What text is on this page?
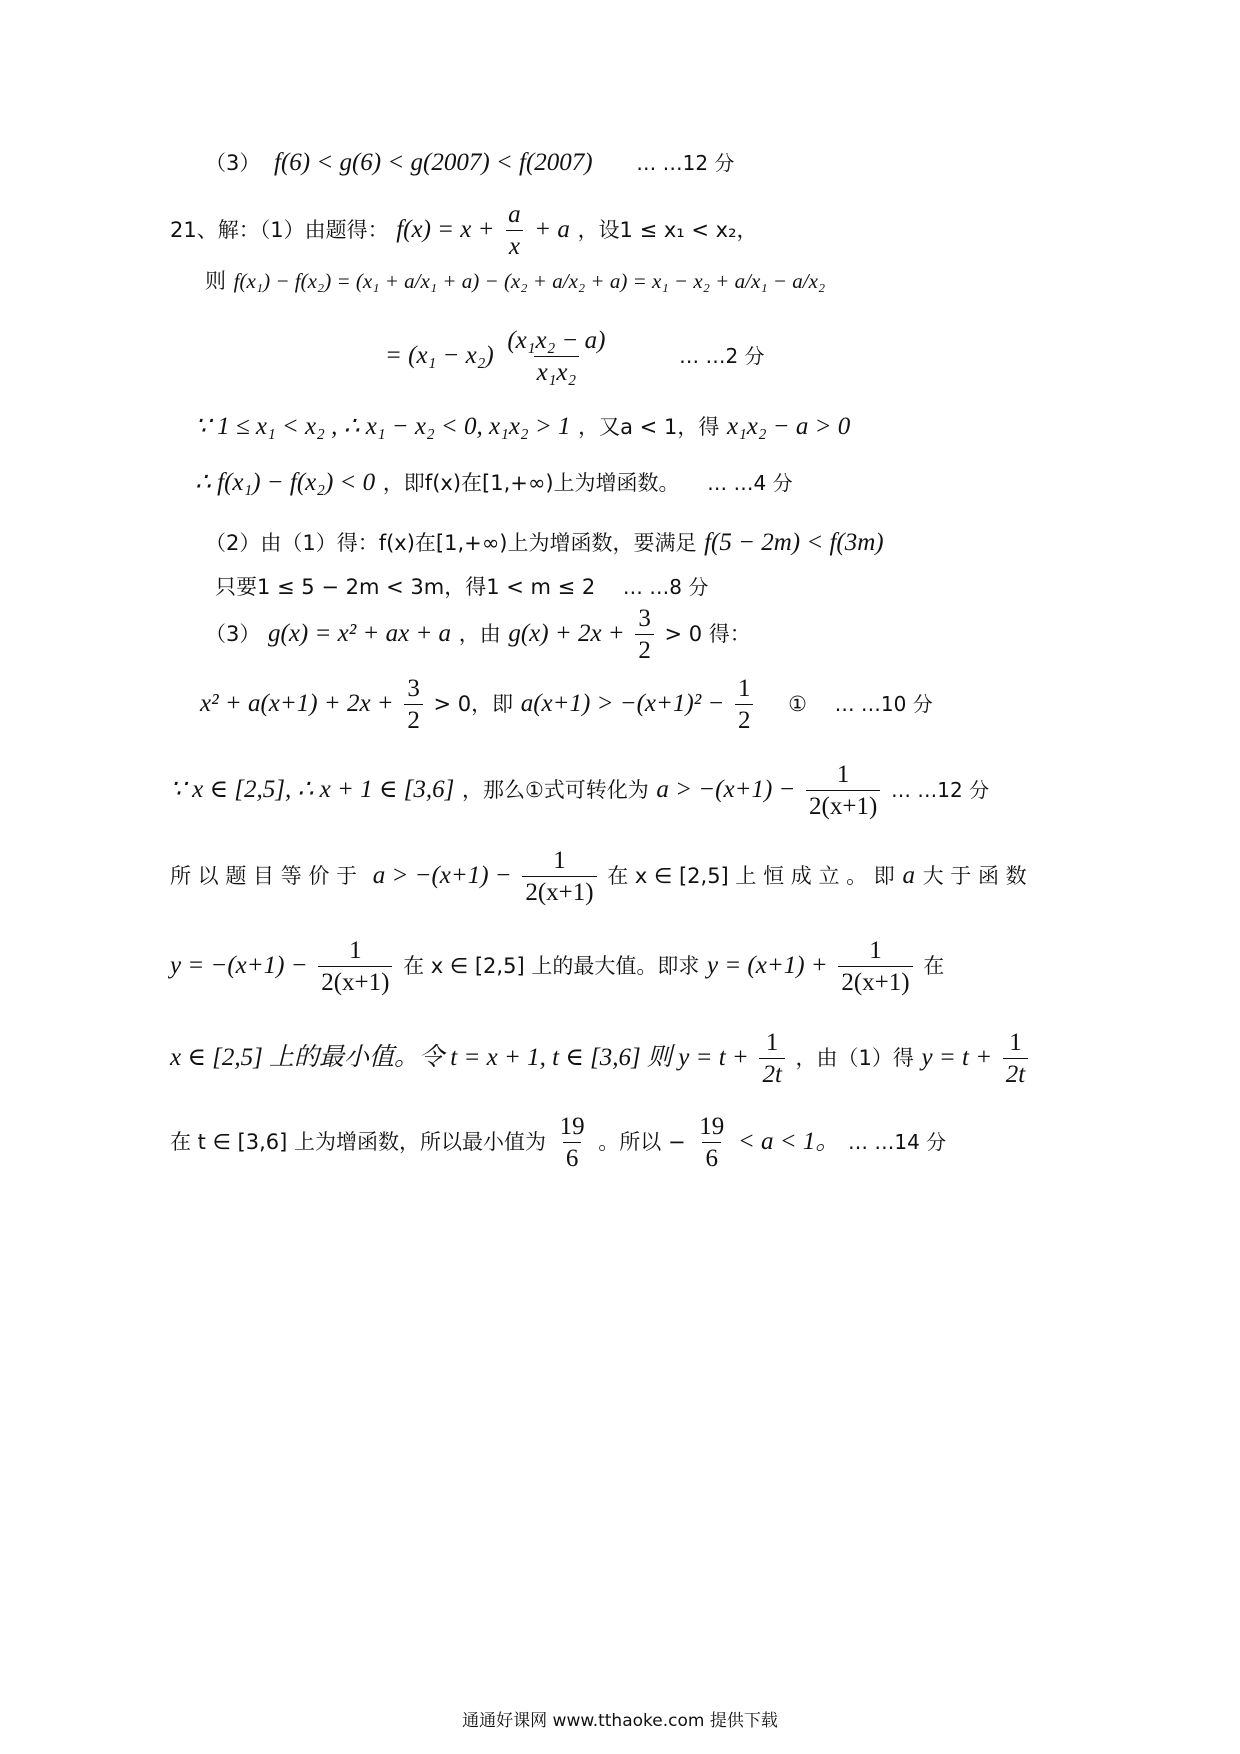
（3） f(6) < g(6) < g(2007) < f(2007) … …12 分
21、解：（1）由题得： $f(x) = x + \frac{a}{x} + a$ ，设1 ≤ x₁ < x₂，
则 f(x₁) − f(x₂) = (x₁ + a/x₁ + a) − (x₂ + a/x₂ + a) = x₁ − x₂ + a/x₁ − a/x₂
= $(x_1 - x_2) \frac{\text{(x₁x₂ − a)}}{\text{x₁x₂}}$	… …2 分
∵ 1 ≤ x₁ < x₂ , ∴ x₁ − x₂ < 0, x₁x₂ > 1 ，又a < 1，得 x₁x₂ − a > 0
∴ f(x₁) − f(x₂) < 0 ，即f(x)在[1,+∞)上为增函数。 … …4 分
（2）由（1）得：f(x)在[1,+∞)上为增函数，要满足 f(5 − 2m) < f(3m)
只要1 ≤ 5 − 2m < 3m，得1 < m ≤ 2 … …8 分
（3） g(x) = x² + ax + a ，由 $g(x) + 2x + \frac{3}{2} > 0$ 得：
$x^2 + a(x+1) + 2x + \frac{3}{2} > 0$，即 $a(x+1) > -(x+1)^2 - \frac{1}{2}$ ① … …10 分
∵ x ∈ [2,5], ∴ x + 1 ∈ [3,6] ，那么①式可转化为 $a > -(x+1) - \frac{1}{2(x+1)}$ … …12 分
所 以 题 目 等 价 于 $a > -(x+1) - \frac{1}{2(x+1)}$ 在 x ∈ [2,5] 上 恒 成 立 。 即 a 大 于 函 数
$y = -(x+1) - \frac{1}{2(x+1)}$ 在 x ∈ [2,5] 上的最大值。即求 $y = (x+1) + \frac{1}{2(x+1)}$ 在
x ∈ [2,5] 上的最小值。令 t = x + 1, t ∈ [3,6] 则 $y = t + \frac{1}{2t}$ ，由（1）得 $y = t + \frac{1}{2t}$
在 t ∈ [3,6] 上为增函数，所以最小值为 $\frac{19}{6}$ 。所以 − $\frac{19}{6} < a < 1$。 … …14 分
通通好课网 www.tthaoke.com 提供下载
